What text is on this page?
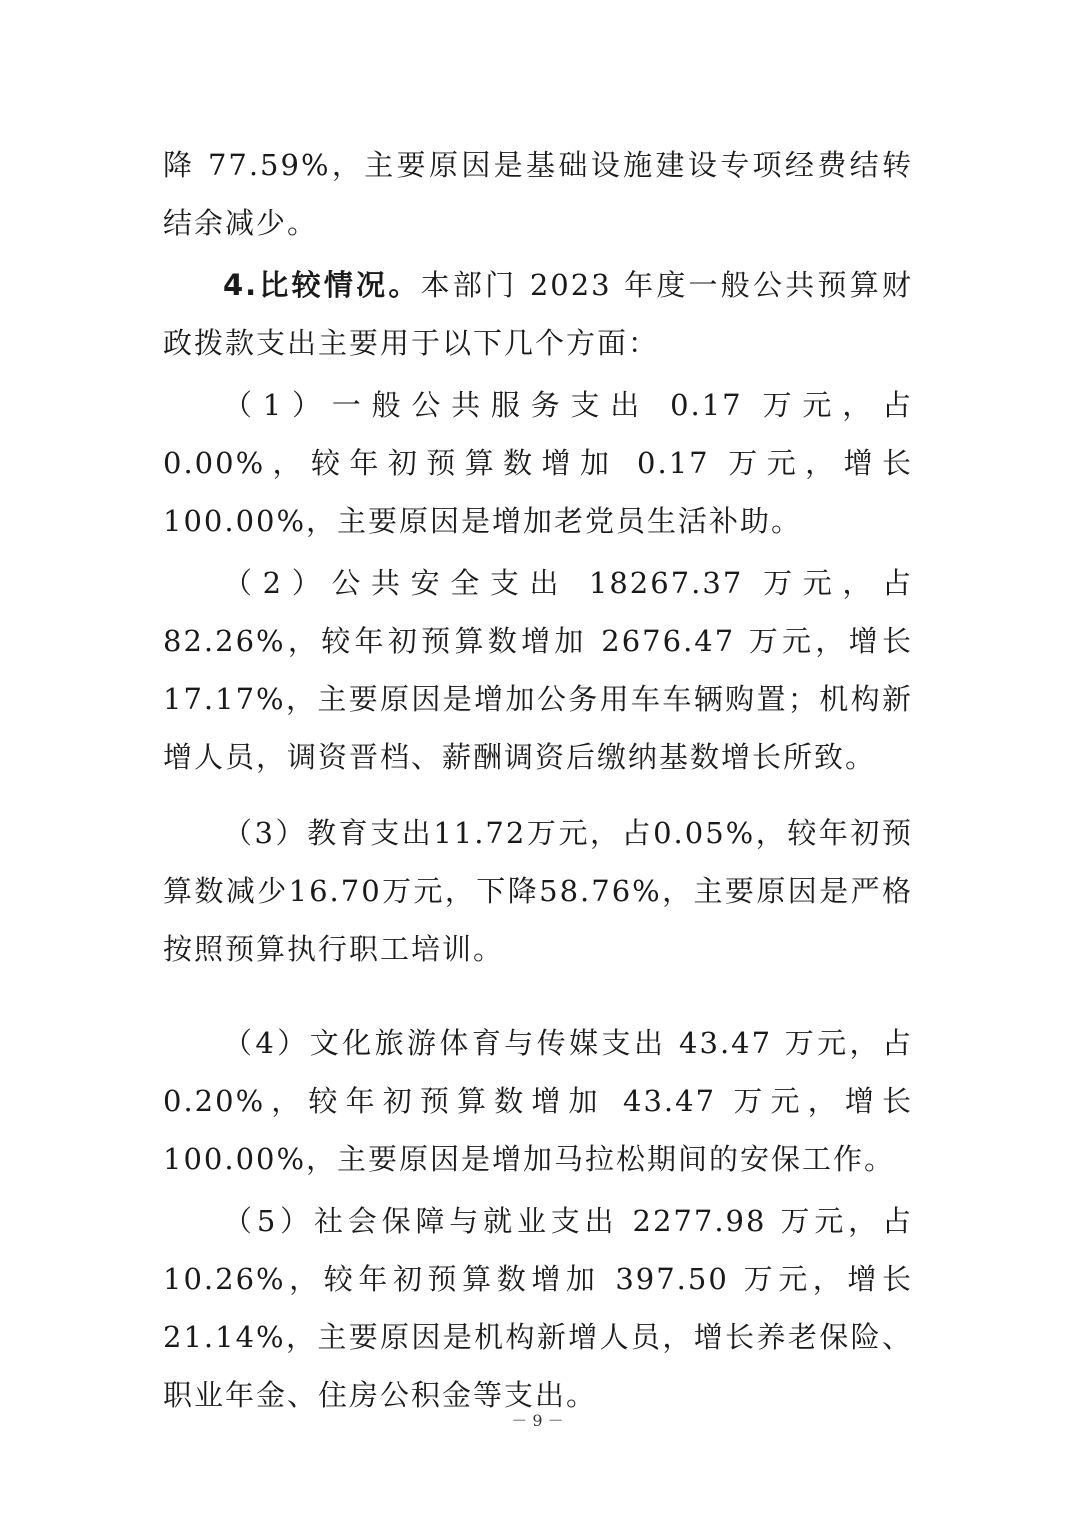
降 77.59%，主要原因是基础设施建设专项经费结转结余减少。

4.比较情况。本部门 2023 年度一般公共预算财政拨款支出主要用于以下几个方面：

（1）一般公共服务支出 0.17 万元，占 0.00%，较年初预算数增加 0.17 万元，增长 100.00%，主要原因是增加老党员生活补助。

（2）公共安全支出 18267.37 万元，占 82.26%，较年初预算数增加 2676.47 万元，增长 17.17%，主要原因是增加公务用车车辆购置；机构新增人员，调资晋档、薪酬调资后缴纳基数增长所致。

（3）教育支出11.72万元，占0.05%，较年初预算数减少16.70万元，下降58.76%，主要原因是严格按照预算执行职工培训。

（4）文化旅游体育与传媒支出 43.47 万元，占 0.20%，较年初预算数增加 43.47 万元，增长 100.00%，主要原因是增加马拉松期间的安保工作。

（5）社会保障与就业支出 2277.98 万元，占 10.26%，较年初预算数增加 397.50 万元，增长 21.14%，主要原因是机构新增人员，增长养老保险、职业年金、住房公积金等支出。

－ 9 －
